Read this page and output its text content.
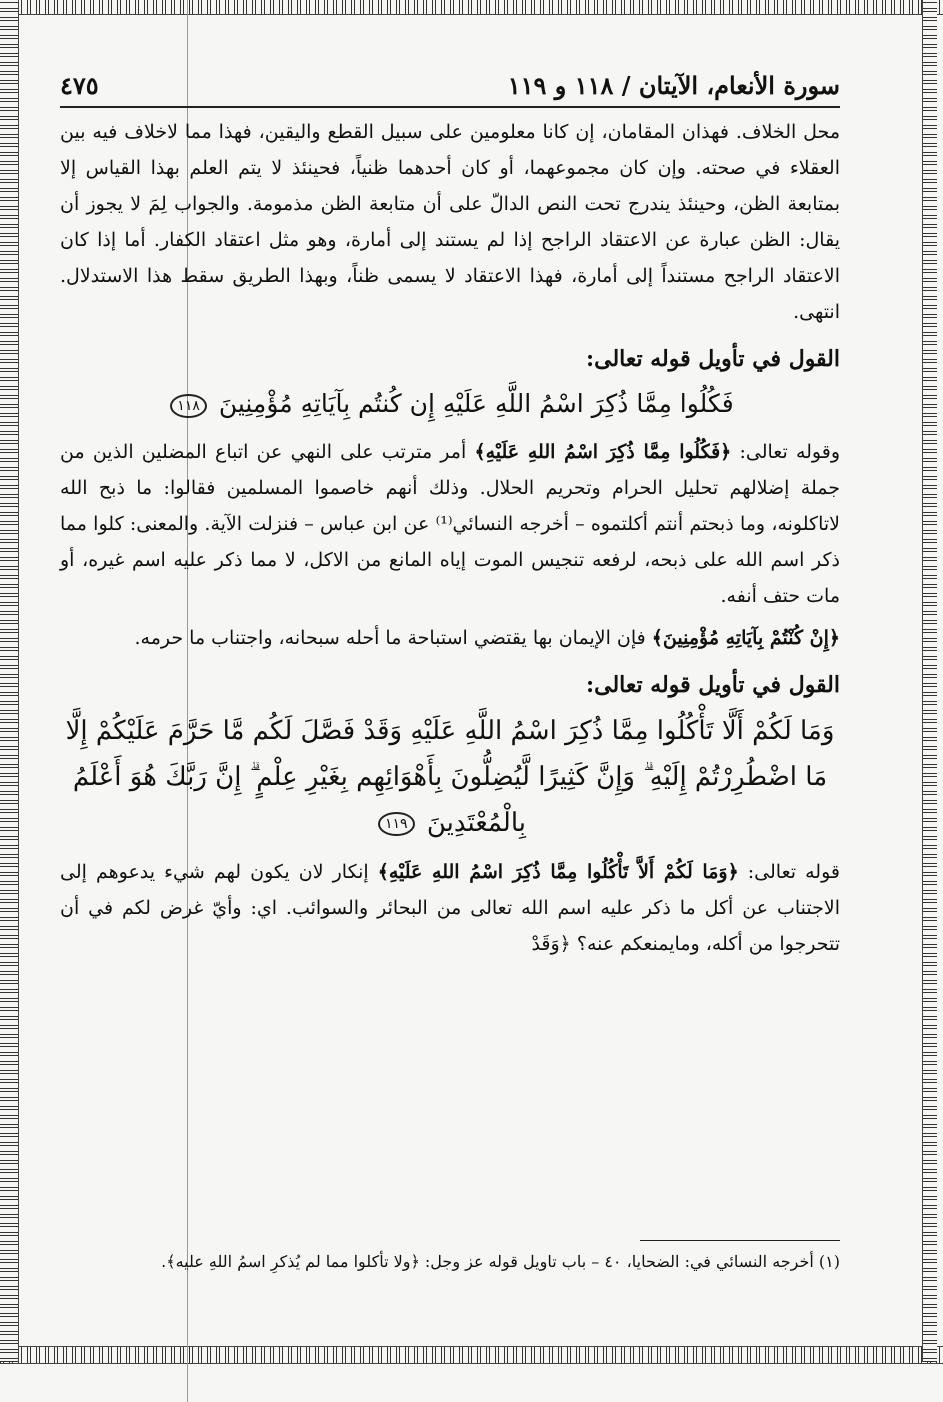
سورة الأنعام، الآيتان / ١١٨ و ١١٩
٤٧٥

محل الخلاف. فهذان المقامان، إن كانا معلومين على سبيل القطع واليقين، فهذا مما لاخلاف فيه بين العقلاء في صحته. وإن كان مجموعهما، أو كان أحدهما ظنياً، فحينئذ لا يتم العلم بهذا القياس إلا بمتابعة الظن، وحينئذ يندرج تحت النص الدالّ على أن متابعة الظن مذمومة. والجواب لِمَ لا يجوز أن يقال: الظن عبارة عن الاعتقاد الراجح إذا لم يستند إلى أمارة، وهو مثل اعتقاد الكفار. أما إذا كان الاعتقاد الراجح مستنداً إلى أمارة، فهذا الاعتقاد لا يسمى ظناً، وبهذا الطريق سقط هذا الاستدلال. انتهى.

القول في تأويل قوله تعالى:
فَكُلُوا مِمَّا ذُكِرَ اسْمُ اللَّهِ عَلَيْهِ إِن كُنتُم بِآيَاتِهِ مُؤْمِنِينَ ١١٨

وقوله تعالى: ﴿فَكُلُوا مِمَّا ذُكِرَ اسْمُ اللهِ عَلَيْهِ﴾ أمر مترتب على النهي عن اتباع المضلين الذين من جملة إضلالهم تحليل الحرام وتحريم الحلال. وذلك أنهم خاصموا المسلمين فقالوا: ما ذبح الله لاتاكلونه، وما ذبحتم أنتم أكلتموه – أخرجه النسائي⁽¹⁾ عن ابن عباس – فنزلت الآية. والمعنى: كلوا مما ذكر اسم الله على ذبحه، لرفعه تنجيس الموت إياه المانع من الاكل، لا مما ذكر عليه اسم غيره، أو مات حتف أنفه.

﴿إِنْ كُنْتُمْ بِآيَاتِهِ مُؤْمِنِينَ﴾ فإن الإيمان بها يقتضي استباحة ما أحله سبحانه، واجتناب ما حرمه.

القول في تأويل قوله تعالى:
وَمَا لَكُمْ أَلَّا تَأْكُلُوا مِمَّا ذُكِرَ اسْمُ اللَّهِ عَلَيْهِ وَقَدْ فَصَّلَ لَكُم مَّا حَرَّمَ عَلَيْكُمْ إِلَّا مَا اضْطُرِرْتُمْ إِلَيْهِ ۗ وَإِنَّ كَثِيرًا لَّيُضِلُّونَ بِأَهْوَائِهِم بِغَيْرِ عِلْمٍ ۗ إِنَّ رَبَّكَ هُوَ أَعْلَمُ بِالْمُعْتَدِينَ ١١٩

قوله تعالى: ﴿وَمَا لَكُمْ أَلاَّ تَأْكُلُوا مِمَّا ذُكِرَ اسْمُ اللهِ عَلَيْهِ﴾ إنكار لان يكون لهم شيء يدعوهم إلى الاجتناب عن أكل ما ذكر عليه اسم الله تعالى من البحائر والسوائب. اي: وأيّ غرض لكم في أن تتحرجوا من أكله، ومايمنعكم عنه؟ ﴿وَقَدْ

(١) أخرجه النسائي في: الضحايا، ٤٠ – باب تاويل قوله عز وجل: ﴿ولا تأكلوا مما لم يُذكرِ اسمُ اللهِ عليه﴾.
